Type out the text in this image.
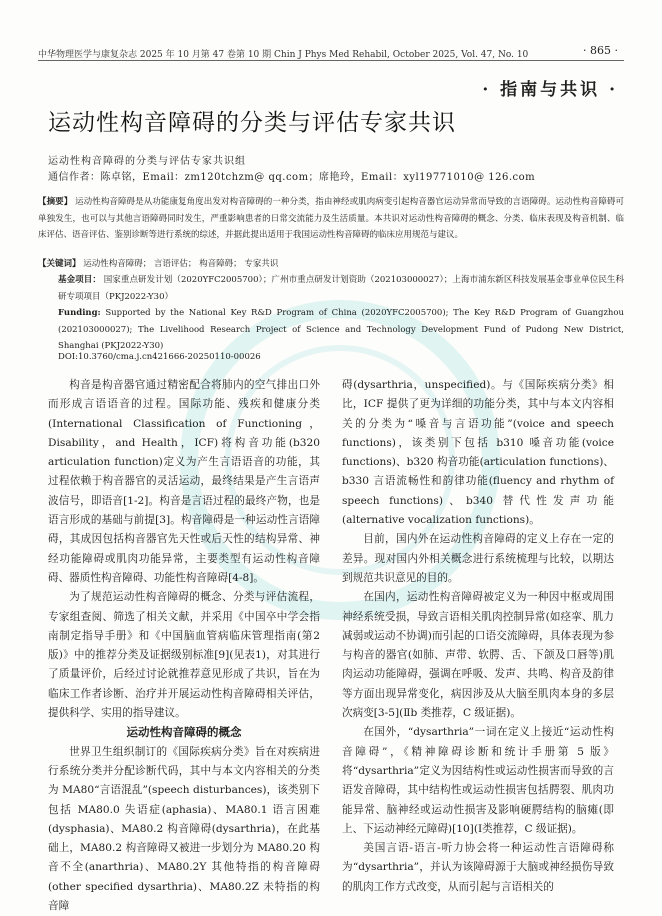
中华物理医学与康复杂志 2025 年 10 月第 47 卷第 10 期 Chin J Phys Med Rehabil, October 2025, Vol. 47, No. 10	· 865 ·
· 指南与共识 ·
运动性构音障碍的分类与评估专家共识
运动性构音障碍的分类与评估专家共识组
通信作者：陈卓铭，Email：zm120tchzm@ qq.com；席艳玲，Email：xyl19771010@ 126.com
【摘要】 运动性构音障碍是从功能康复角度出发对构音障碍的一种分类，指由神经或肌肉病变引起构音器官运动异常而导致的言语障碍。运动性构音障碍可单独发生，也可以与其他言语障碍同时发生，严重影响患者的日常交流能力及生活质量。本共识对运动性构音障碍的概念、分类、临床表现及构音机制、临床评估、语音评估、鉴别诊断等进行系统的综述，并据此提出适用于我国运动性构音障碍的临床应用规范与建议。
【关键词】 运动性构音障碍； 言语评估； 构音障碍； 专家共识
基金项目： 国家重点研发计划（2020YFC2005700）；广州市重点研发计划资助（202103000027）；上海市浦东新区科技发展基金事业单位民生科研专项项目（PKJ2022-Y30）
Funding: Supported by the National Key R&D Program of China (2020YFC2005700); The Key R&D Program of Guangzhou (202103000027); The Livelihood Research Project of Science and Technology Development Fund of Pudong New District, Shanghai (PKJ2022-Y30)
DOI:10.3760/cma.j.cn421666-20250110-00026

构音是构音器官通过精密配合将肺内的空气排出口外而形成言语语音的过程。国际功能、残疾和健康分类(International Classification of Functioning，Disability，and Health，ICF)将构音功能(b320 articulation function)定义为产生言语语音的功能，其过程依赖于构音器官的灵活运动，最终结果是产生言语声波信号，即语音[1-2]。构音是言语过程的最终产物，也是语言形成的基础与前提[3]。构音障碍是一种运动性言语障碍，其成因包括构音器官先天性或后天性的结构异常、神经功能障碍或肌肉功能异常，主要类型有运动性构音障碍、器质性构音障碍、功能性构音障碍[4-8]。

为了规范运动性构音障碍的概念、分类与评估流程，专家组查阅、筛选了相关文献，并采用《中国卒中学会指南制定指导手册》和《中国脑血管病临床管理指南(第2版)》中的推荐分类及证据级别标准[9](见表1)，对其进行了质量评价，后经过讨论就推荐意见形成了共识，旨在为临床工作者诊断、治疗并开展运动性构音障碍相关评估，提供科学、实用的指导建议。

运动性构音障碍的概念

世界卫生组织制订的《国际疾病分类》旨在对疾病进行系统分类并分配诊断代码，其中与本文内容相关的分类为 MA80“言语混乱”(speech disturbances)，该类别下包括 MA80.0 失语症(aphasia)、MA80.1 语言困难(dysphasia)、MA80.2 构音障碍(dysarthria)，在此基础上，MA80.2 构音障碍又被进一步划分为 MA80.20 构音不全(anarthria)、MA80.2Y 其他特指的构音障碍(other specified dysarthria)、MA80.2Z 未特指的构音障

碍(dysarthria，unspecified)。与《国际疾病分类》相比，ICF 提供了更为详细的功能分类，其中与本文内容相关的分类为“嗓音与言语功能”(voice and speech functions)，该类别下包括 b310 嗓音功能(voice functions)、b320 构音功能(articulation functions)、b330 言语流畅性和韵律功能(fluency and rhythm of speech functions)、b340 替代性发声功能(alternative vocalization functions)。

目前，国内外在运动性构音障碍的定义上存在一定的差异。现对国内外相关概念进行系统梳理与比较，以期达到规范共识意见的目的。

在国内，运动性构音障碍被定义为一种因中枢或周围神经系统受损，导致言语相关肌肉控制异常(如痉挛、肌力减弱或运动不协调)而引起的口语交流障碍，具体表现为参与构音的器官(如肺、声带、软腭、舌、下颌及口唇等)肌肉运动功能障碍，强调在呼吸、发声、共鸣、构音及韵律等方面出现异常变化，病因涉及从大脑至肌肉本身的多层次病变[3-5](Ⅱb 类推荐，C 级证据)。

在国外，“dysarthria”一词在定义上接近“运动性构音障碍”，《精神障碍诊断和统计手册第 5 版》将“dysarthria”定义为因结构性或运动性损害而导致的言语发音障碍，其中结构性或运动性损害包括腭裂、肌肉功能异常、脑神经或运动性损害及影响硬腭结构的脑瘫(即上、下运动神经元障碍)[10](Ⅰ类推荐，C 级证据)。

美国言语-语言-听力协会将一种运动性言语障碍称为“dysarthria”，并认为该障碍源于大脑或神经损伤导致的肌肉工作方式改变，从而引起与言语相关的
